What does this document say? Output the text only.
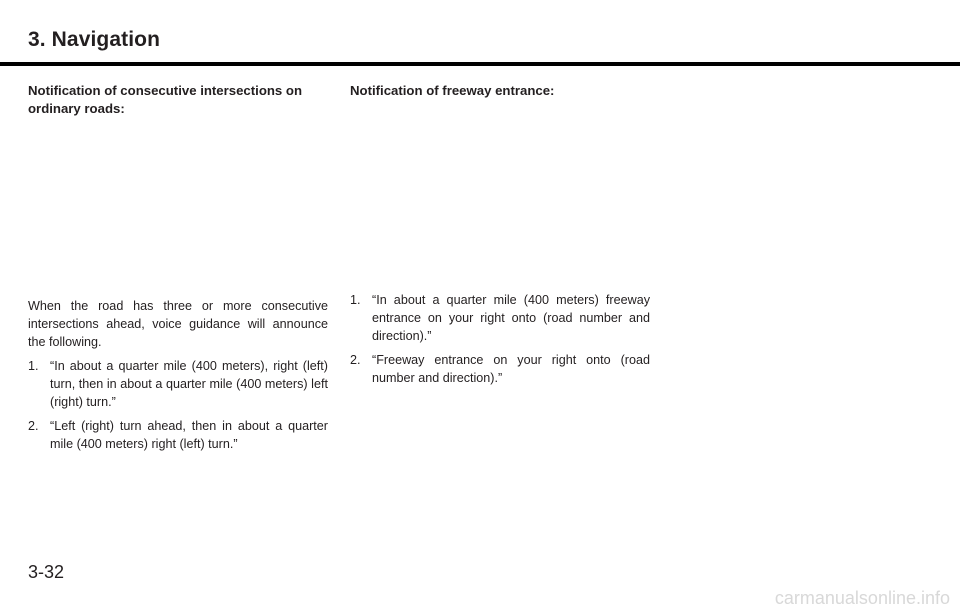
3. Navigation

Notification of consecutive intersections on ordinary roads:

When the road has three or more consecutive intersections ahead, voice guidance will announce the following.

1. “In about a quarter mile (400 meters), right (left) turn, then in about a quarter mile (400 meters) left (right) turn.”
2. “Left (right) turn ahead, then in about a quarter mile (400 meters) right (left) turn.”

Notification of freeway entrance:

1. “In about a quarter mile (400 meters) freeway entrance on your right onto (road number and direction).”
2. “Freeway entrance on your right onto (road number and direction).”
3-32
carmanualsonline.info
